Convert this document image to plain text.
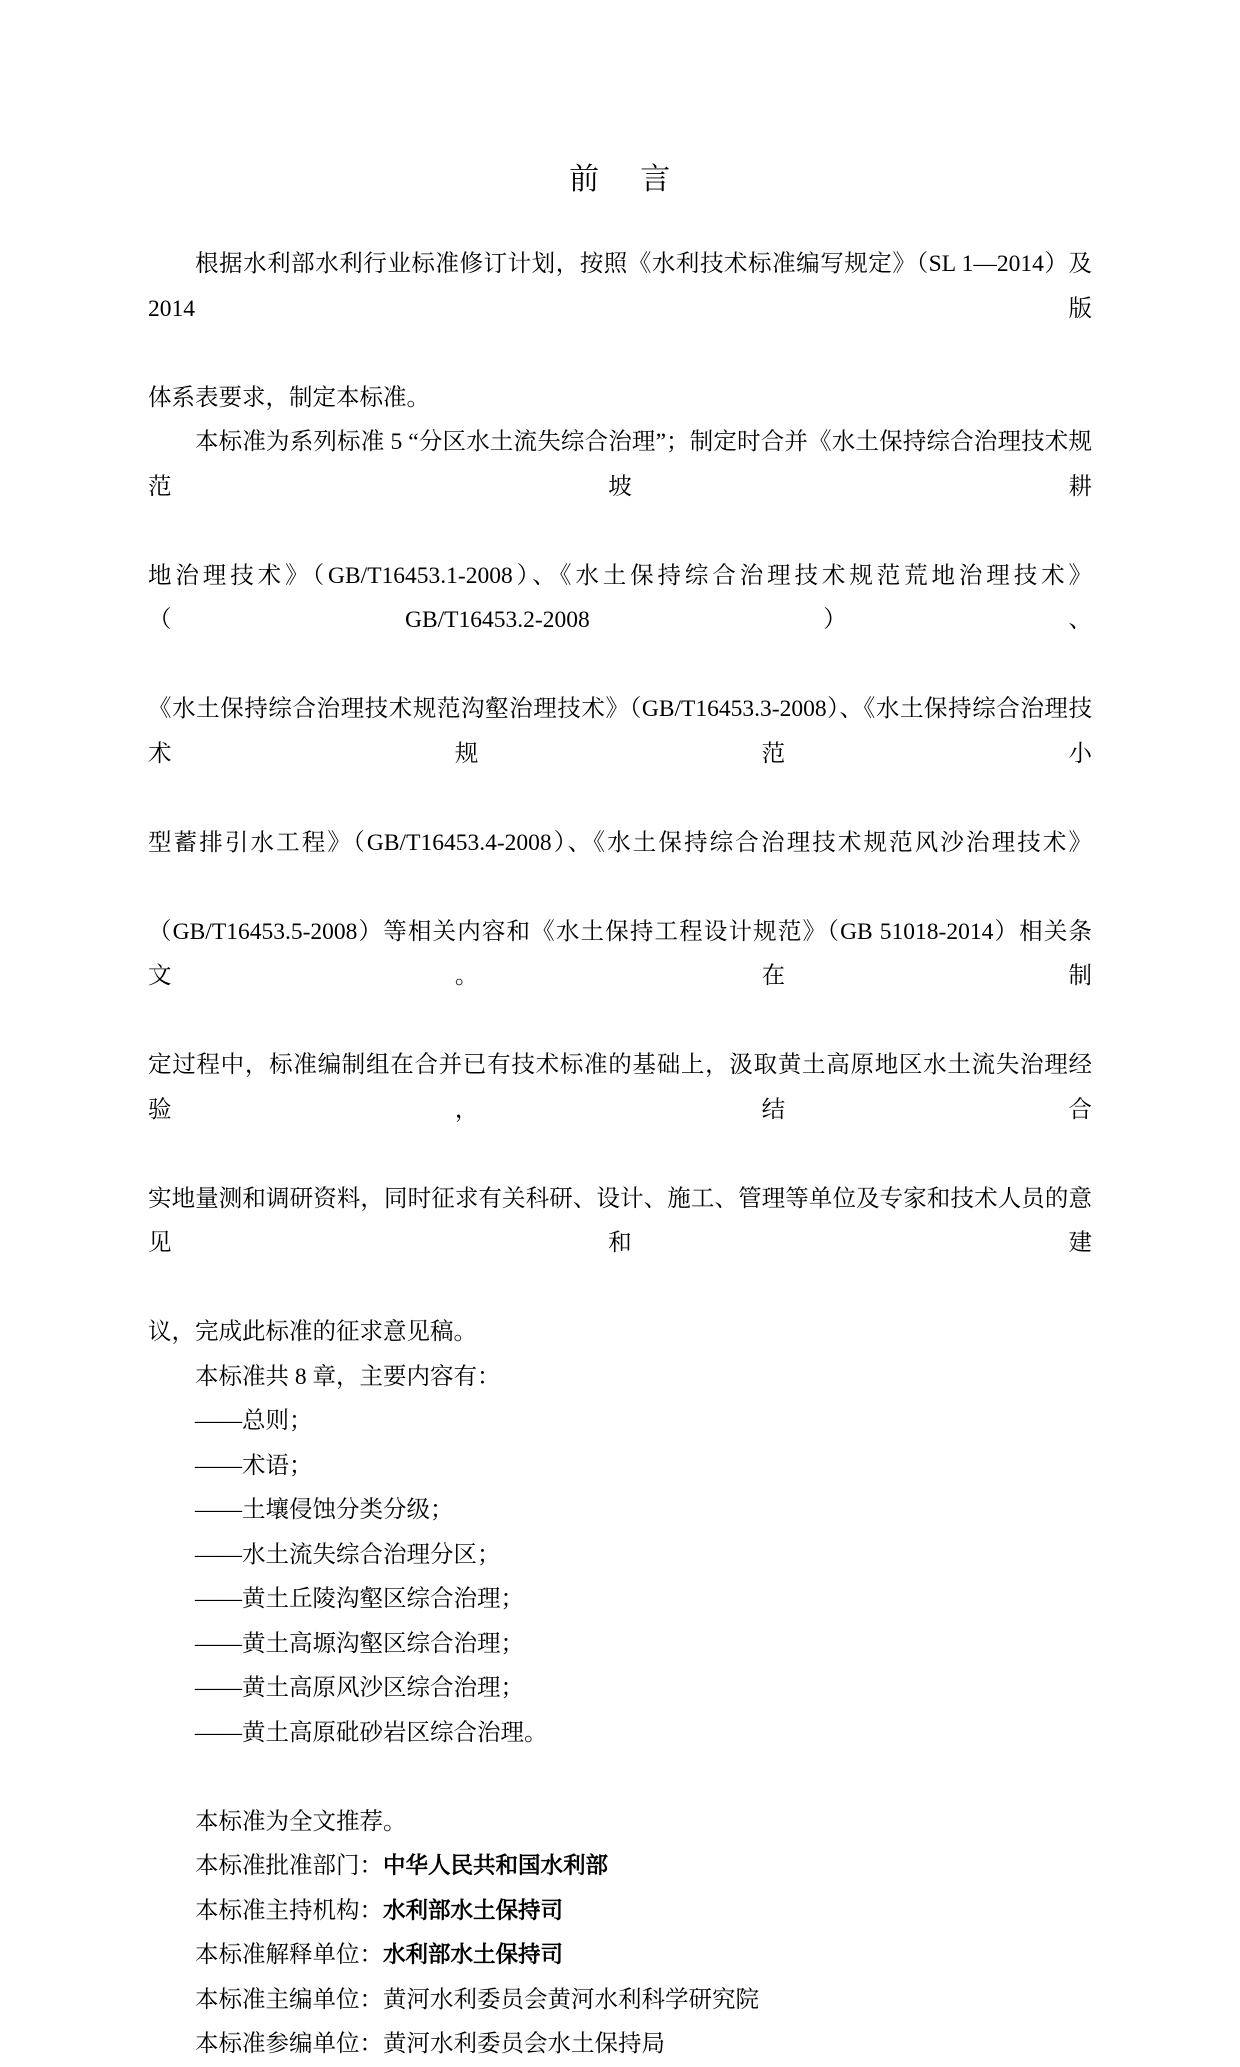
前     言

根据水利部水利行业标准修订计划，按照《水利技术标准编写规定》（SL 1—2014）及 2014 版
体系表要求，制定本标准。

本标准为系列标准 5 “分区水土流失综合治理”；制定时合并《水土保持综合治理技术规范坡耕
地治理技术》（GB/T16453.1-2008）、《水土保持综合治理技术规范荒地治理技术》（GB/T16453.2-2008）、
《水土保持综合治理技术规范沟壑治理技术》（GB/T16453.3-2008）、《水土保持综合治理技术规范小
型蓄排引水工程》（GB/T16453.4-2008）、《水土保持综合治理技术规范风沙治理技术》
（GB/T16453.5-2008）等相关内容和《水土保持工程设计规范》（GB 51018-2014）相关条文。在制
定过程中，标准编制组在合并已有技术标准的基础上，汲取黄土高原地区水土流失治理经验，结合
实地量测和调研资料，同时征求有关科研、设计、施工、管理等单位及专家和技术人员的意见和建
议，完成此标准的征求意见稿。

本标准共 8 章，主要内容有：

——总则；

——术语；

——土壤侵蚀分类分级；

——水土流失综合治理分区；

——黄土丘陵沟壑区综合治理；

——黄土高塬沟壑区综合治理；

——黄土高原风沙区综合治理；

——黄土高原砒砂岩区综合治理。

本标准为全文推荐。

本标准批准部门：中华人民共和国水利部

本标准主持机构：水利部水土保持司

本标准解释单位：水利部水土保持司

本标准主编单位：黄河水利委员会黄河水利科学研究院

本标准参编单位：黄河水利委员会水土保持局
